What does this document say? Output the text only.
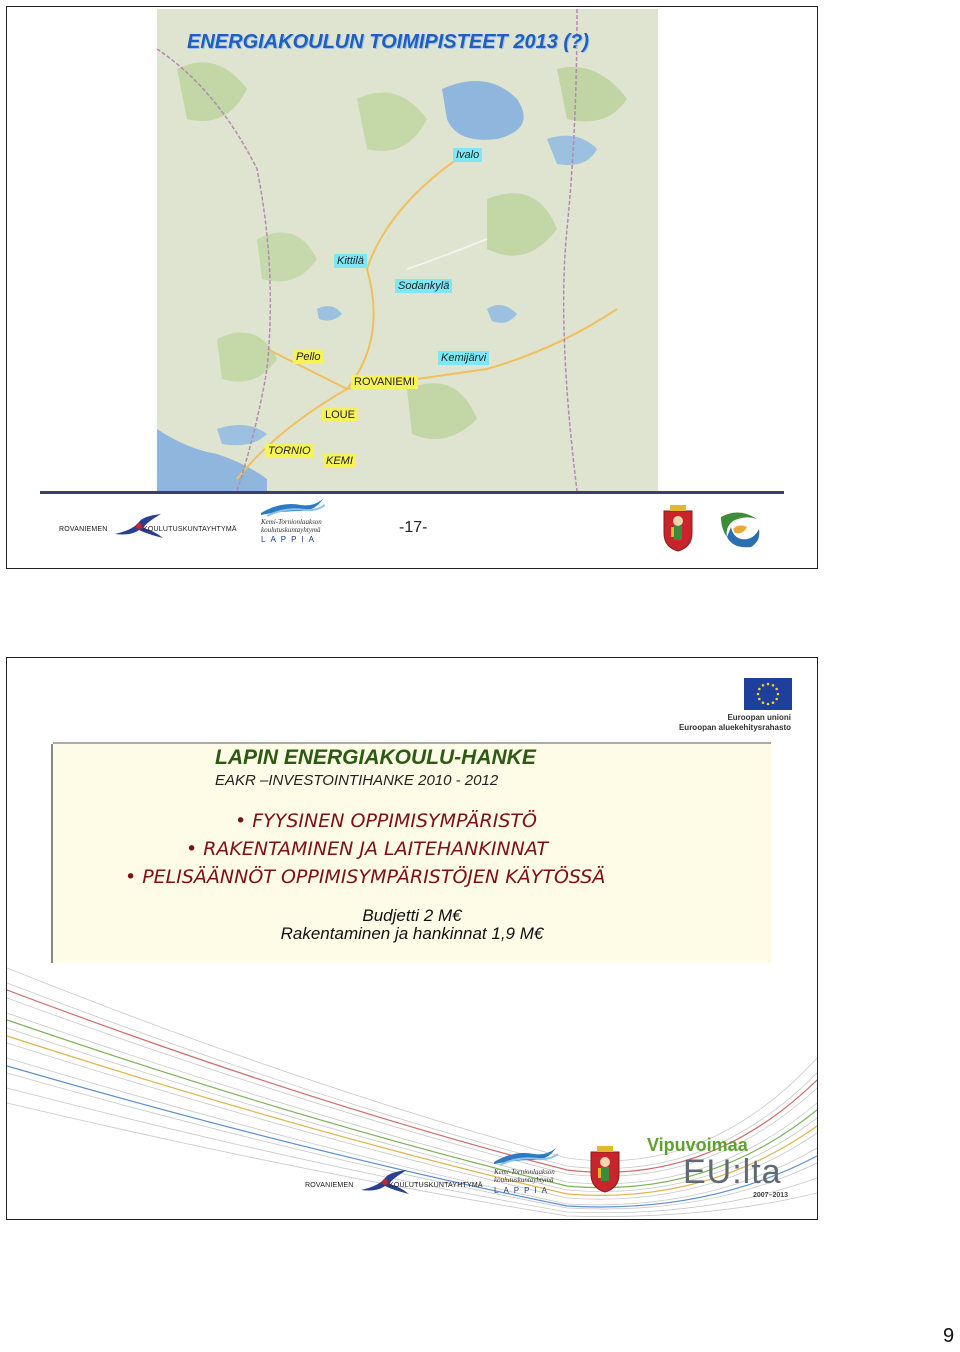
ENERGIAKOULUN TOIMIPISTEET 2013 (?)
Ivalo
Kittilä
Sodankylä
Pello	Kemijärvi
ROVANIEMI
LOUE
TORNIO
KEMI
ROVANIEMEN	KOULUTUSKUNTAYHTYMÄ
Kemi-Tornionlaakson
koulutuskuntayhtymä
LAPPIA
-17-
Euroopan unioni
Euroopan aluekehitysrahasto
LAPIN ENERGIAKOULU-HANKE
EAKR –INVESTOINTIHANKE 2010 - 2012
• FYYSINEN OPPIMISYMPÄRISTÖ
• RAKENTAMINEN JA LAITEHANKINNAT
• PELISÄÄNNÖT OPPIMISYMPÄRISTÖJEN KÄYTÖSSÄ
Budjetti 2 M€
Rakentaminen ja hankinnat 1,9 M€
ROVANIEMEN	KOULUTUSKUNTAYHTYMÄ
Kemi-Tornionlaakson
koulutuskuntayhtymä
LAPPIA
Vipuvoimaa
EU:lta
2007–2013
9
